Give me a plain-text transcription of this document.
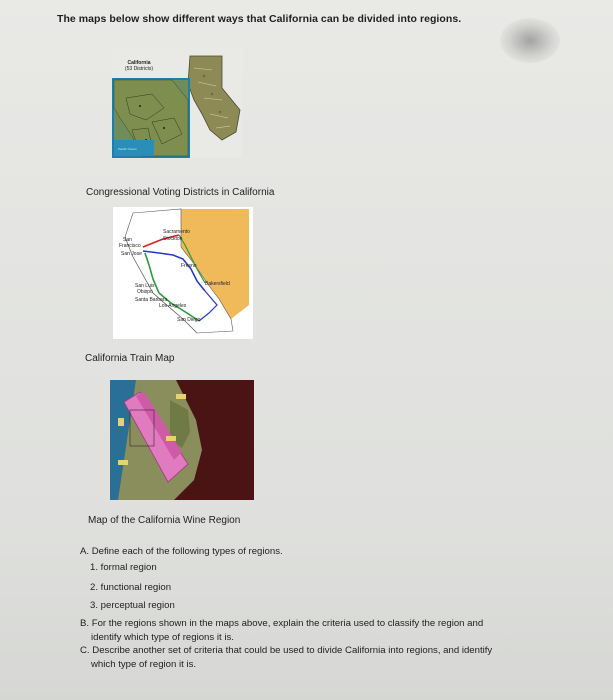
The maps below show different ways that California can be divided into regions.
Pacific Ocean
California
(53 Districts)
Congressional Voting Districts in California
San
Francisco
San Jose
Sacramento
Stockton
Fresno
Bakersfield
San Luis
Obispo
Santa Barbara
Los Angeles
San Diego
California Train Map
Map of the California Wine Region
A. Define each of the following types of regions.
1. formal region
2. functional region
3. perceptual region
B. For the regions shown in the maps above, explain the criteria used to classify the region and
identify which type of regions it is.
C. Describe another set of criteria that could be used to divide California into regions, and identify
which type of region it is.
